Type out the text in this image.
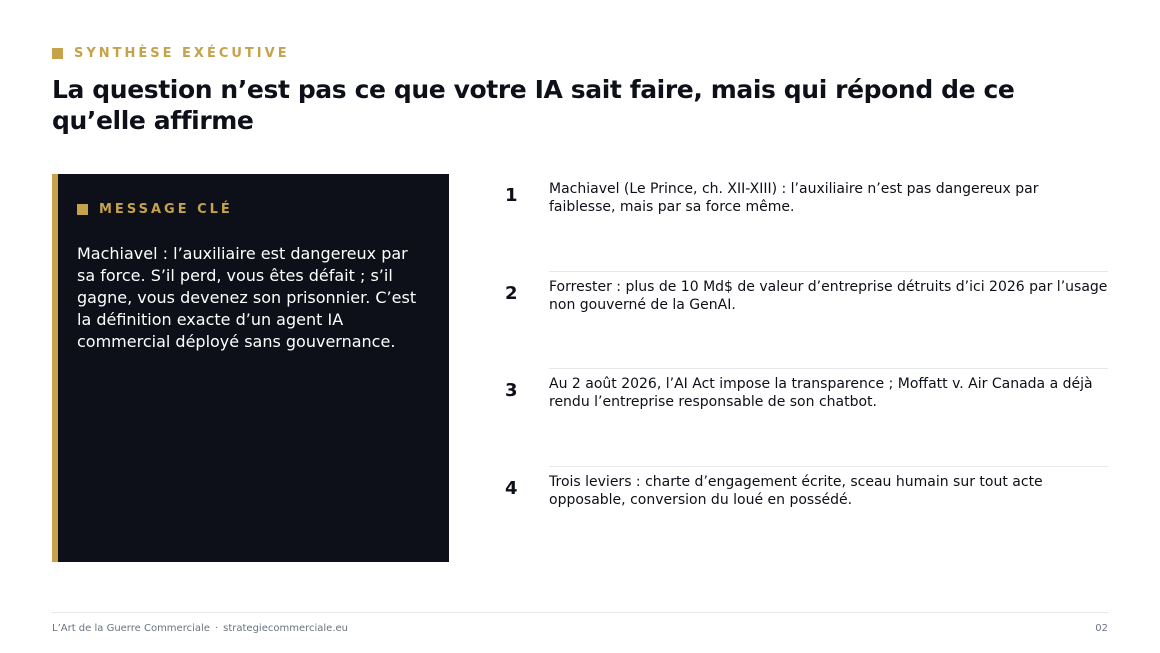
SYNTHÈSE EXÉCUTIVE
La question n’est pas ce que votre IA sait faire, mais qui répond de ce qu’elle affirme
MESSAGE CLÉ

Machiavel : l’auxiliaire est dangereux par sa force. S’il perd, vous êtes défait ; s’il gagne, vous devenez son prisonnier. C’est la définition exacte d’un agent IA commercial déployé sans gouvernance.

1	Machiavel (Le Prince, ch. XII-XIII) : l’auxiliaire n’est pas dangereux par faiblesse, mais par sa force même.
2	Forrester : plus de 10 Md$ de valeur d’entreprise détruits d’ici 2026 par l’usage non gouverné de la GenAI.
3	Au 2 août 2026, l’AI Act impose la transparence ; Moffatt v. Air Canada a déjà rendu l’entreprise responsable de son chatbot.
4	Trois leviers : charte d’engagement écrite, sceau humain sur tout acte opposable, conversion du loué en possédé.
L’Art de la Guerre Commerciale · strategiecommerciale.eu	02
